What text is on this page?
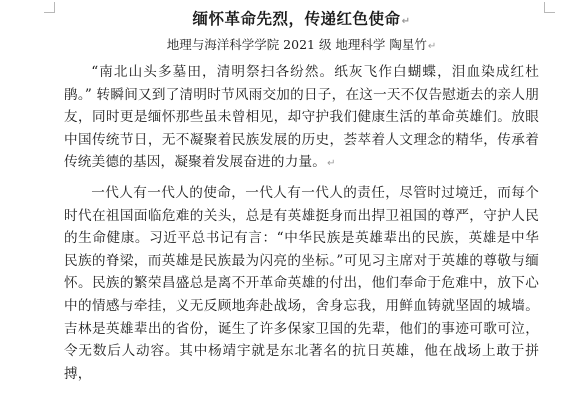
缅怀革命先烈，传递红色使命↵
地理与海洋科学学院 2021 级 地理科学 陶星竹↵

“南北山头多墓田，清明祭扫各纷然。纸灰飞作白蝴蝶，泪血染成红杜鹃。” 转瞬间又到了清明时节风雨交加的日子，在这一天不仅告慰逝去的亲人朋友，同时更是缅怀那些虽未曾相见，却守护我们健康生活的革命英雄们。放眼中国传统节日，无不凝聚着民族发展的历史，荟萃着人文理念的精华，传承着传统美德的基因，凝聚着发展奋进的力量。↵

一代人有一代人的使命，一代人有一代人的责任，尽管时过境迁，而每个时代在祖国面临危难的关头，总是有英雄挺身而出捍卫祖国的尊严，守护人民的生命健康。习近平总书记有言：“中华民族是英雄辈出的民族，英雄是中华民族的脊梁，而英雄是民族最为闪亮的坐标。”可见习主席对于英雄的尊敬与缅怀。民族的繁荣昌盛总是离不开革命英雄的付出，他们奉命于危难中，放下心中的情感与牵挂，义无反顾地奔赴战场，舍身忘我，用鲜血铸就坚固的城墙。吉林是英雄辈出的省份，诞生了许多保家卫国的先辈，他们的事迹可歌可泣，令无数后人动容。其中杨靖宇就是东北著名的抗日英雄，他在战场上敢于拼搏，
